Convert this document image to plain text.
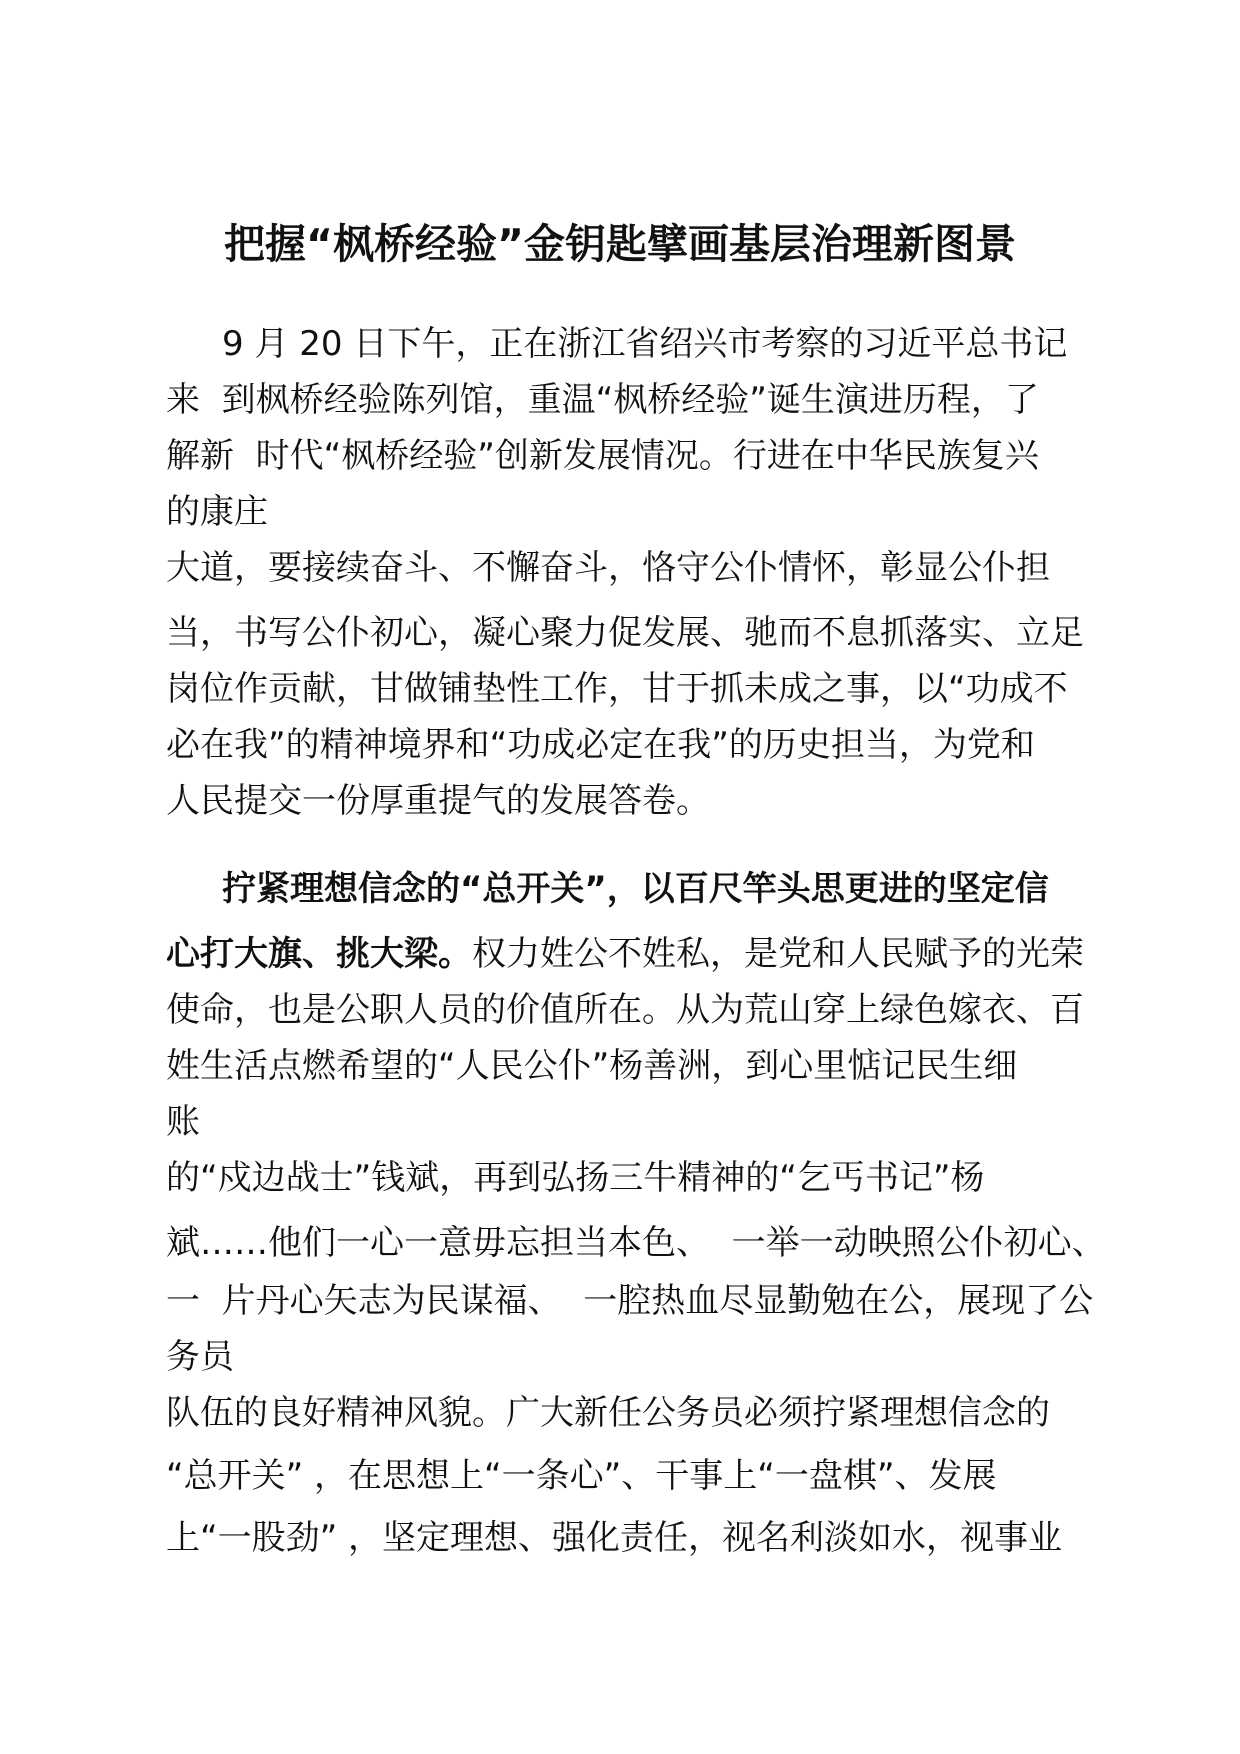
把握“枫桥经验”金钥匙擘画基层治理新图景

9 月 20 日下午，正在浙江省绍兴市考察的习近平总书记

来  到枫桥经验陈列馆，重温“枫桥经验”诞生演进历程，了

解新  时代“枫桥经验”创新发展情况。行进在中华民族复兴

的康庄

大道，要接续奋斗、不懈奋斗，恪守公仆情怀，彰显公仆担

当，书写公仆初心，凝心聚力促发展、驰而不息抓落实、立足

岗位作贡献，甘做铺垫性工作，甘于抓未成之事，以“功成不

必在我”的精神境界和“功成必定在我”的历史担当，为党和

人民提交一份厚重提气的发展答卷。

拧紧理想信念的“总开关”，以百尺竿头思更进的坚定信

心打大旗、挑大梁。权力姓公不姓私，是党和人民赋予的光荣

使命，也是公职人员的价值所在。从为荒山穿上绿色嫁衣、百

姓生活点燃希望的“人民公仆”杨善洲，到心里惦记民生细

账

的“戍边战士”钱斌，再到弘扬三牛精神的“乞丐书记”杨

斌……他们一心一意毋忘担当本色、  一举一动映照公仆初心、

一  片丹心矢志为民谋福、  一腔热血尽显勤勉在公，展现了公

务员

队伍的良好精神风貌。广大新任公务员必须拧紧理想信念的

“总开关” ，在思想上“一条心”、干事上“一盘棋”、发展

上“一股劲” ，坚定理想、强化责任，视名利淡如水，视事业
